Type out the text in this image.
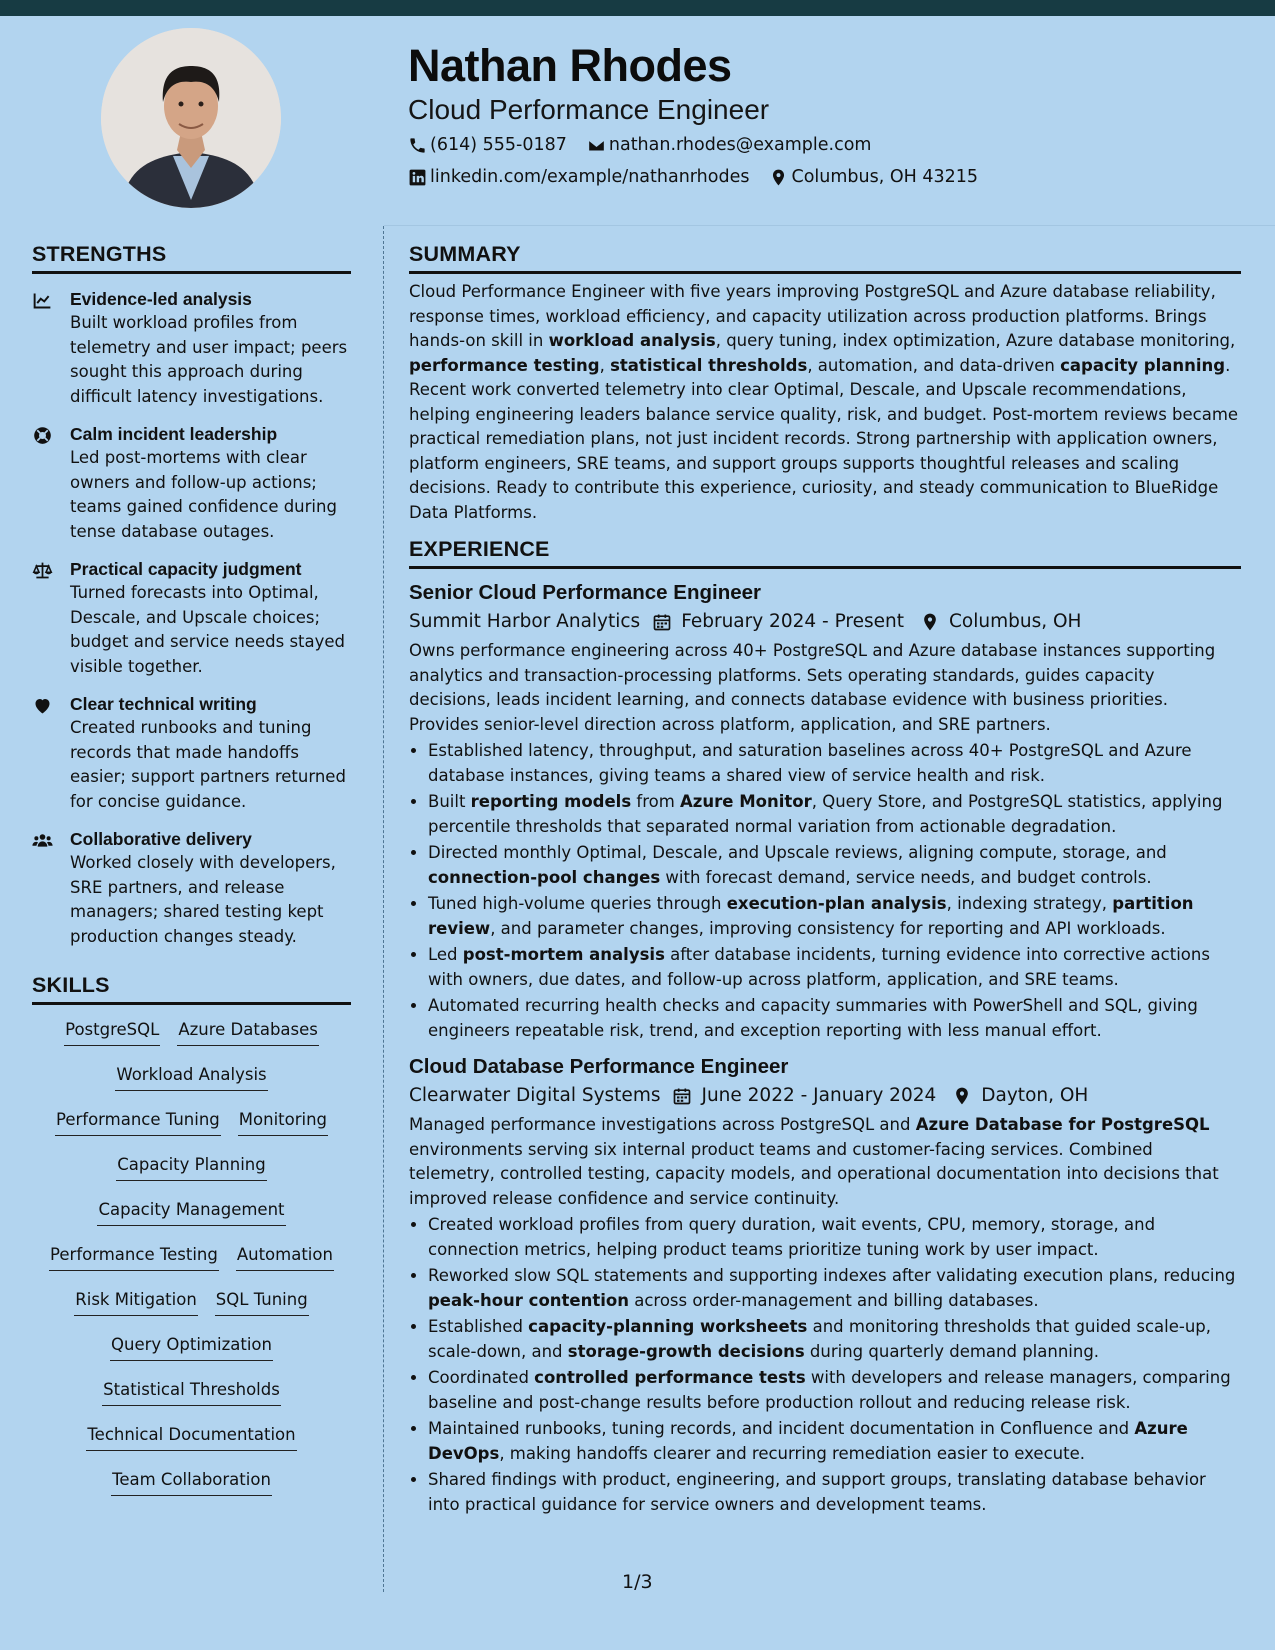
Nathan Rhodes
Cloud Performance Engineer
(614) 555-0187 nathan.rhodes@example.com
linkedin.com/example/nathanrhodes Columbus, OH 43215
STRENGTHS
Evidence-led analysis
Built workload profiles from telemetry and user impact; peers sought this approach during difficult latency investigations.
Calm incident leadership
Led post-mortems with clear owners and follow-up actions; teams gained confidence during tense database outages.
Practical capacity judgment
Turned forecasts into Optimal, Descale, and Upscale choices; budget and service needs stayed visible together.
Clear technical writing
Created runbooks and tuning records that made handoffs easier; support partners returned for concise guidance.
Collaborative delivery
Worked closely with developers, SRE partners, and release managers; shared testing kept production changes steady.
SKILLS
PostgreSQL Azure Databases
Workload Analysis
Performance Tuning Monitoring
Capacity Planning
Capacity Management
Performance Testing Automation
Risk Mitigation SQL Tuning
Query Optimization
Statistical Thresholds
Technical Documentation
Team Collaboration
SUMMARY
Cloud Performance Engineer with five years improving PostgreSQL and Azure database reliability, response times, workload efficiency, and capacity utilization across production platforms. Brings hands-on skill in workload analysis, query tuning, index optimization, Azure database monitoring, performance testing, statistical thresholds, automation, and data-driven capacity planning. Recent work converted telemetry into clear Optimal, Descale, and Upscale recommendations, helping engineering leaders balance service quality, risk, and budget. Post-mortem reviews became practical remediation plans, not just incident records. Strong partnership with application owners, platform engineers, SRE teams, and support groups supports thoughtful releases and scaling decisions. Ready to contribute this experience, curiosity, and steady communication to BlueRidge Data Platforms.
EXPERIENCE
Senior Cloud Performance Engineer
Summit Harbor Analytics February 2024 - Present Columbus, OH
Owns performance engineering across 40+ PostgreSQL and Azure database instances supporting analytics and transaction-processing platforms. Sets operating standards, guides capacity decisions, leads incident learning, and connects database evidence with business priorities. Provides senior-level direction across platform, application, and SRE partners.
• Established latency, throughput, and saturation baselines across 40+ PostgreSQL and Azure database instances, giving teams a shared view of service health and risk.
• Built reporting models from Azure Monitor, Query Store, and PostgreSQL statistics, applying percentile thresholds that separated normal variation from actionable degradation.
• Directed monthly Optimal, Descale, and Upscale reviews, aligning compute, storage, and connection-pool changes with forecast demand, service needs, and budget controls.
• Tuned high-volume queries through execution-plan analysis, indexing strategy, partition review, and parameter changes, improving consistency for reporting and API workloads.
• Led post-mortem analysis after database incidents, turning evidence into corrective actions with owners, due dates, and follow-up across platform, application, and SRE teams.
• Automated recurring health checks and capacity summaries with PowerShell and SQL, giving engineers repeatable risk, trend, and exception reporting with less manual effort.
Cloud Database Performance Engineer
Clearwater Digital Systems June 2022 - January 2024 Dayton, OH
Managed performance investigations across PostgreSQL and Azure Database for PostgreSQL environments serving six internal product teams and customer-facing services. Combined telemetry, controlled testing, capacity models, and operational documentation into decisions that improved release confidence and service continuity.
• Created workload profiles from query duration, wait events, CPU, memory, storage, and connection metrics, helping product teams prioritize tuning work by user impact.
• Reworked slow SQL statements and supporting indexes after validating execution plans, reducing peak-hour contention across order-management and billing databases.
• Established capacity-planning worksheets and monitoring thresholds that guided scale-up, scale-down, and storage-growth decisions during quarterly demand planning.
• Coordinated controlled performance tests with developers and release managers, comparing baseline and post-change results before production rollout and reducing release risk.
• Maintained runbooks, tuning records, and incident documentation in Confluence and Azure DevOps, making handoffs clearer and recurring remediation easier to execute.
• Shared findings with product, engineering, and support groups, translating database behavior into practical guidance for service owners and development teams.
1/3
